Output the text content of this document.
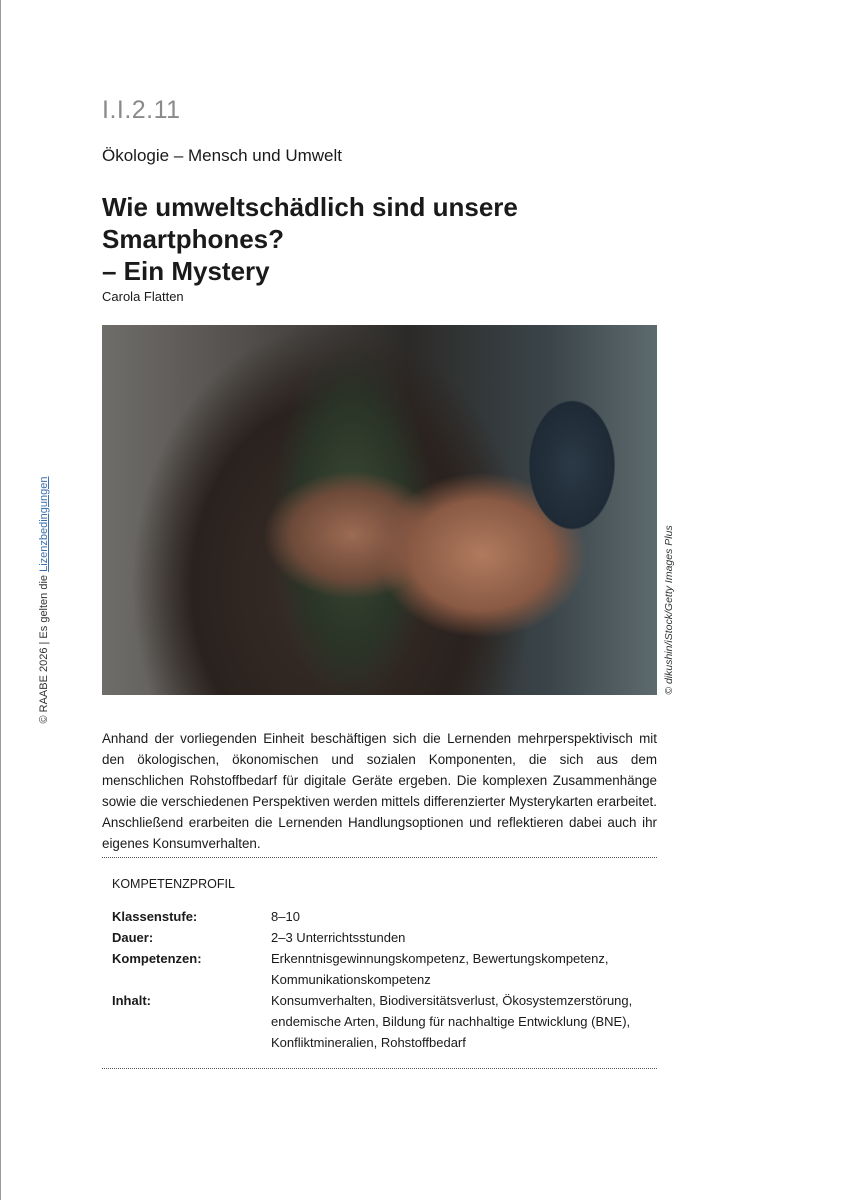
I.I.2.11
Ökologie – Mensch und Umwelt
Wie umweltschädlich sind unsere Smartphones?
– Ein Mystery
Carola Flatten
© dikushin/iStock/Getty Images Plus
Anhand der vorliegenden Einheit beschäftigen sich die Lernenden mehrperspektivisch mit den ökologischen, ökonomischen und sozialen Komponenten, die sich aus dem menschlichen Rohstoffbedarf für digitale Geräte ergeben. Die komplexen Zusammenhänge sowie die verschiedenen Perspektiven werden mittels differenzierter Mysterykarten erarbeitet. Anschließend erarbeiten die Lernenden Handlungsoptionen und reflektieren dabei auch ihr eigenes Konsumverhalten.
KOMPETENZPROFIL
Klassenstufe:	8–10
Dauer:	2–3 Unterrichtsstunden
Kompetenzen:	Erkenntnisgewinnungskompetenz, Bewertungskompetenz, Kommunikationskompetenz
Inhalt:	Konsumverhalten, Biodiversitätsverlust, Ökosystemzerstörung, endemische Arten, Bildung für nachhaltige Entwicklung (BNE), Konfliktmineralien, Rohstoffbedarf
© RAABE 2026 | Es gelten die Lizenzbedingungen
